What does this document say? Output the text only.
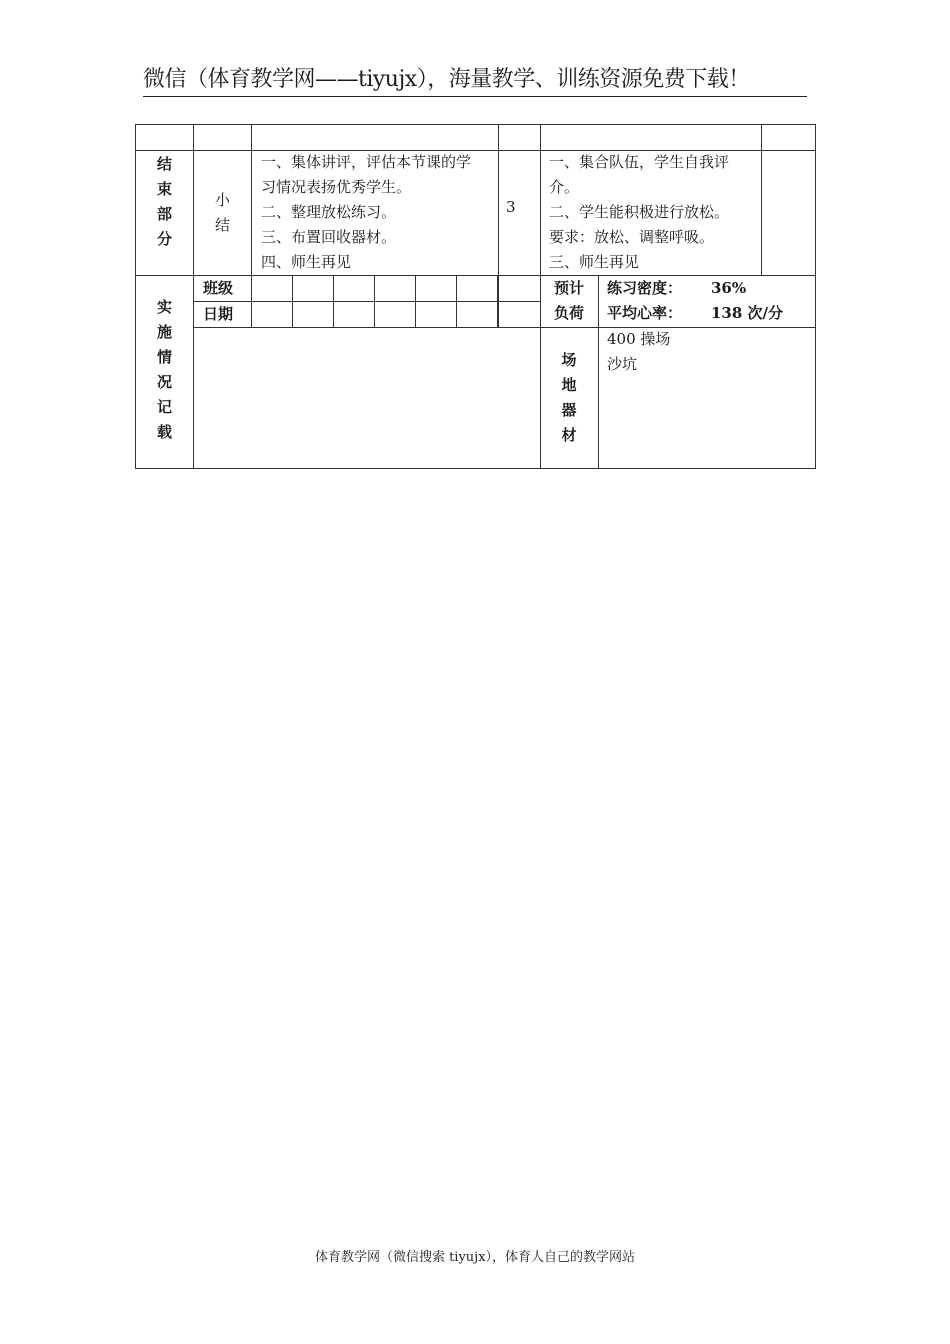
微信（体育教学网——tiyujx），海量教学、训练资源免费下载！
结
束
部
分
小
结
一、集体讲评，评估本节课的学
习情况表扬优秀学生。
二、整理放松练习。
三、布置回收器材。
四、师生再见
3
一、集合队伍，学生自我评
介。
二、学生能积极进行放松。
要求：放松、调整呼吸。
三、师生再见
实
施
情
况
记
载
班级
日期
预计
负荷
练习密度： 36%
平均心率： 138 次/分
场
地
器
材
400 操场
沙坑
体育教学网（微信搜索 tiyujx），体育人自己的教学网站
